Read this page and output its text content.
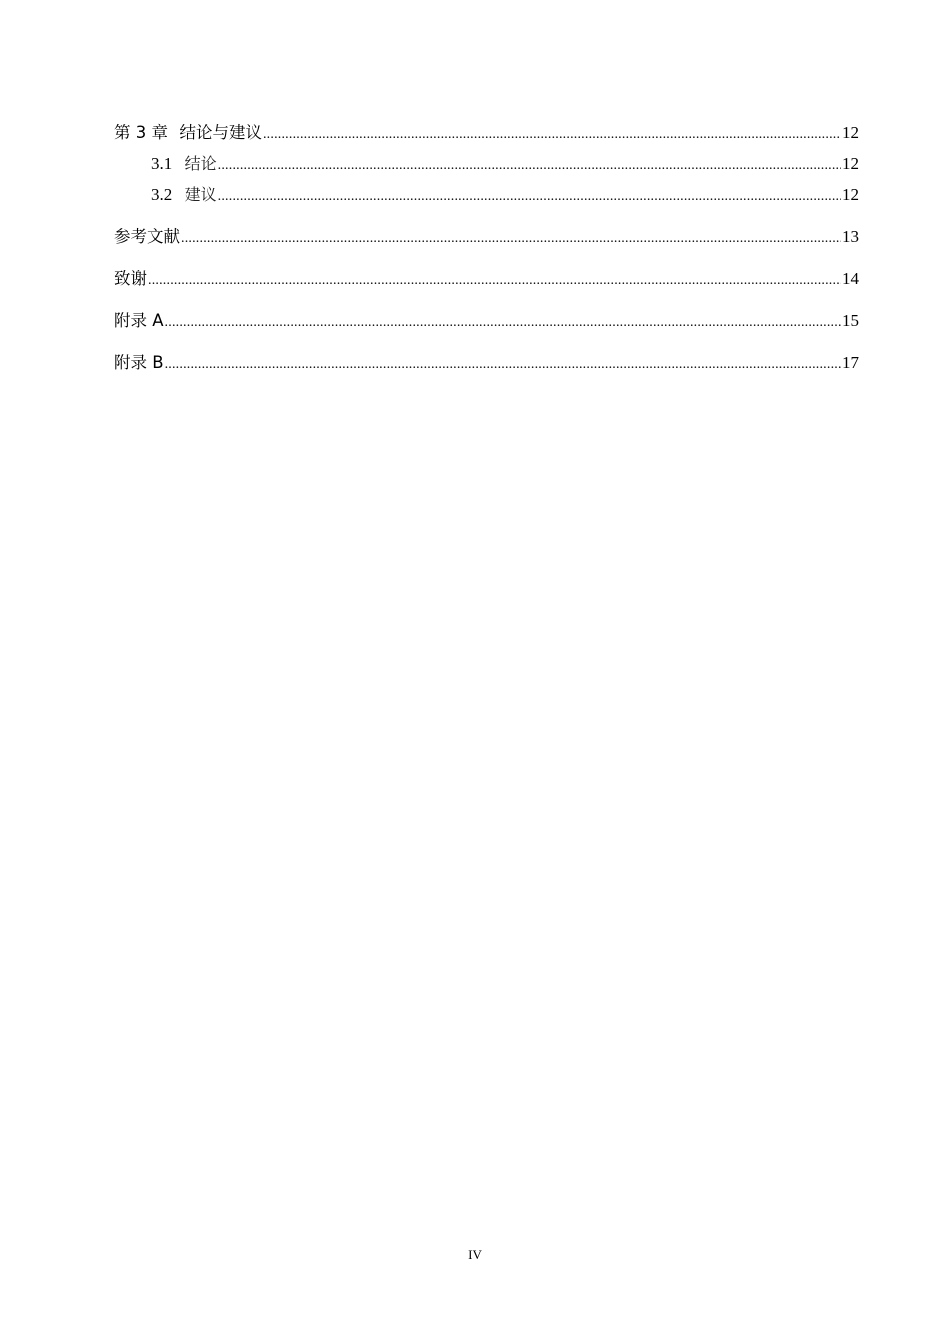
第 3 章 结论与建议 .....	12
3.1 结论 .....	12
3.2 建议 .....	12
参考文献 .....	13
致谢 .....	14
附录 A .....	15
附录 B .....	17
IV
